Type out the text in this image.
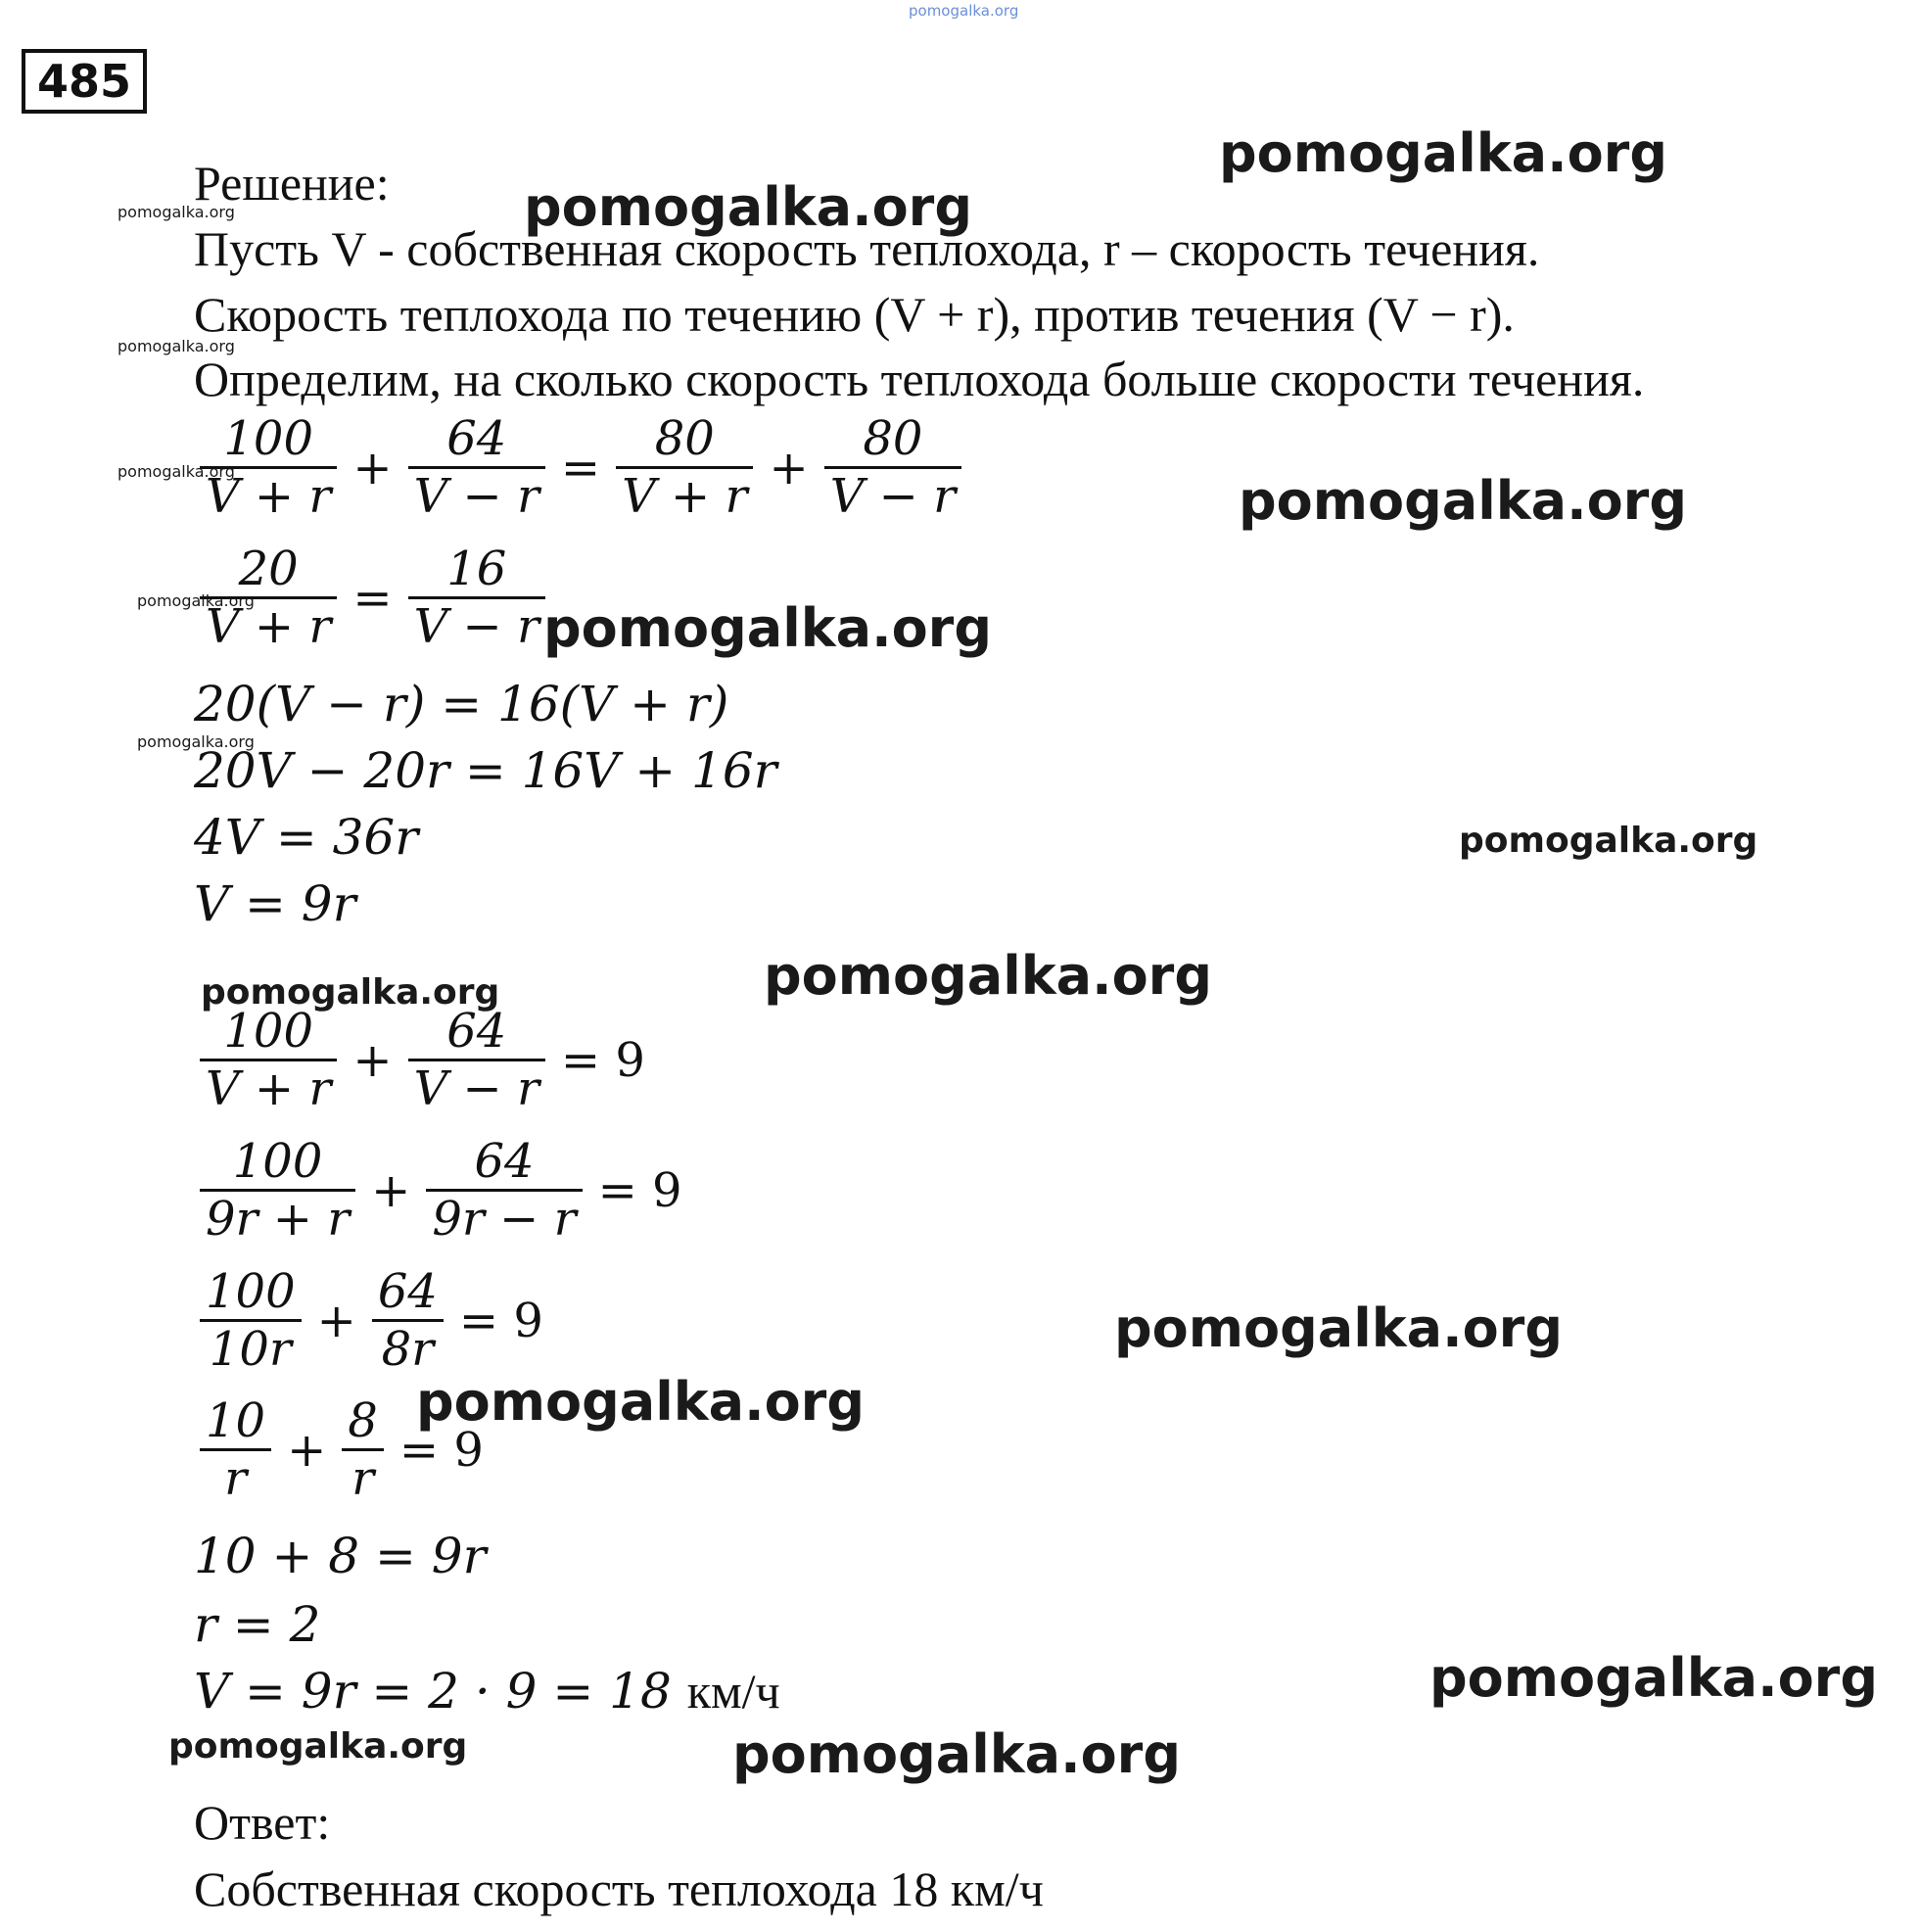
pomogalka.org
pomogalka.org
pomogalka.org
pomogalka.org
pomogalka.org
pomogalka.org
pomogalka.org
pomogalka.org
pomogalka.org
pomogalka.org
pomogalka.org
pomogalka.org
pomogalka.org
pomogalka.org
pomogalka.org
pomogalka.org
pomogalka.org
pomogalka.org
485
Решение:
Пусть V - собственная скорость теплохода, r – скорость течения.
Скорость теплохода по течению (V + r), против течения (V − r).
Определим, на сколько скорость теплохода больше скорости течения.
$\frac{100}{V + r} + \frac{64}{V - r} = \frac{80}{V + r} + \frac{80}{V - r}$
$\frac{20}{V + r} = \frac{16}{V - r}$
20(V − r) = 16(V + r)
20V − 20r = 16V + 16r
4V = 36r
V = 9r
$\frac{100}{V + r} + \frac{64}{V - r} = 9$
$\frac{100}{9r + r} + \frac{64}{9r - r} = 9$
$\frac{100}{10r} + \frac{64}{8r} = 9$
$\frac{10}{r} + \frac{8}{r} = 9$
10 + 8 = 9r
r = 2
V = 9r = 2 · 9 = 18 км/ч
Ответ:
Собственная скорость теплохода 18 км/ч
